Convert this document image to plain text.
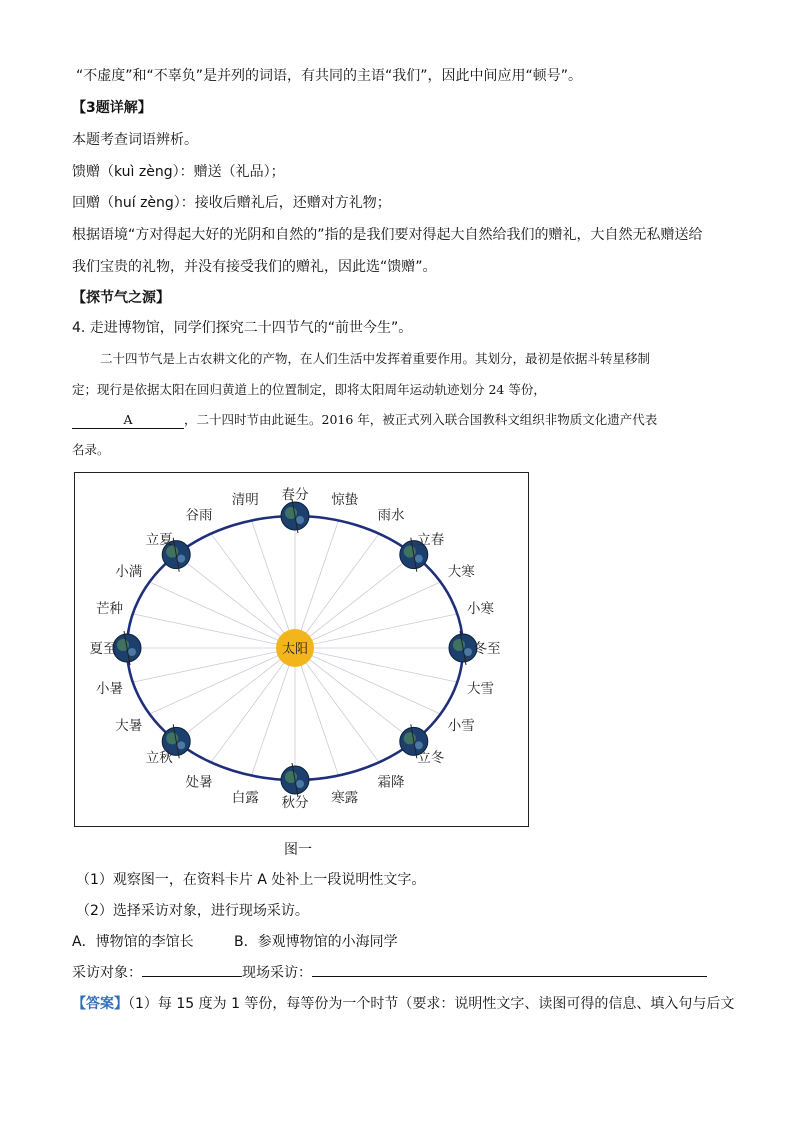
“不虚度”和“不辜负”是并列的词语，有共同的主语“我们”，因此中间应用“顿号”。
【3题详解】
本题考查词语辨析。
馈赠（kuì zèng）：赠送（礼品）；
回赠（huí zèng）：接收后赠礼后，还赠对方礼物；
根据语境“方对得起大好的光阴和自然的”指的是我们要对得起大自然给我们的赠礼，大自然无私赠送给
我们宝贵的礼物，并没有接受我们的赠礼，因此选“馈赠”。
【探节气之源】
4. 走进博物馆，同学们探究二十四节气的“前世今生”。
二十四节气是上古农耕文化的产物，在人们生活中发挥着重要作用。其划分，最初是依据斗转星移制
定；现行是依据太阳在回归黄道上的位置制定，即将太阳周年运动轨迹划分 24 等份，
A	，二十四时节由此诞生。2016 年，被正式列入联合国教科文组织非物质文化遗产代表
名录。
太阳
春分 惊蛰
雨水
立春
大寒
小寒
冬至
大雪
小雪
立冬
霜降
寒露
秋分
白露
处暑
立秋
大暑
小暑
夏至
芒种
小满
立夏
谷雨
清明
图一
（1）观察图一，在资料卡片 A 处补上一段说明性文字。
（2）选择采访对象，进行现场采访。
A．博物馆的李馆长	B．参观博物馆的小海同学
采访对象：	现场采访：
【答案】（1）每 15 度为 1 等份，每等份为一个时节（要求：说明性文字、读图可得的信息、填入句与后文
